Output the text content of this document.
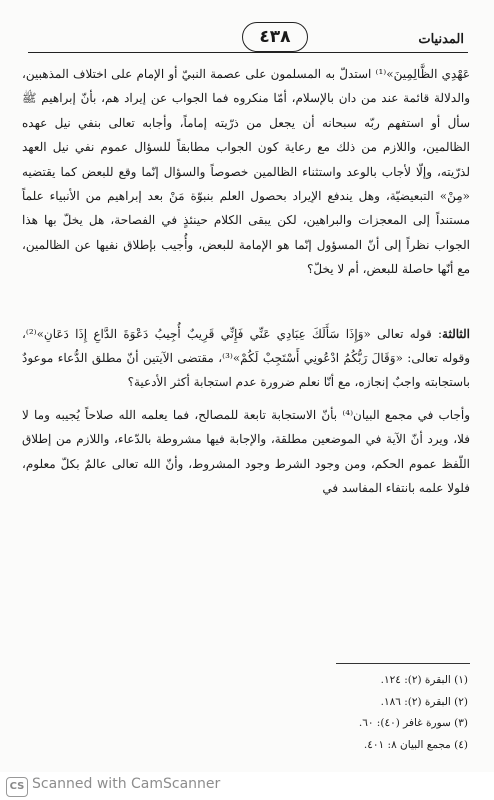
المدنيات
٤٣٨

عَهْدِي الظَّالِمِينَ»⁽¹⁾ استدلّ به المسلمون على عصمة النبيّ أو الإمام على اختلاف المذهبين، والدلالة قائمة عند من دان بالإسلام، أمّا منكروه فما الجواب عن إيراد هم، بأنّ إبراهيم ﷺ سأل أو استفهم ربّه سبحانه أن يجعل من ذرّيته إماماً، وأجابه تعالى بنفي نيل عهده الظالمين، واللازم من ذلك مع رعاية كون الجواب مطابقاً للسؤال عموم نفي نيل العهد لذرّيته، وإلّا لأجاب بالوعد واستثناء الظالمين خصوصاً والسؤال إنّما وقع للبعض كما يقتضيه «مِنْ» التبعيضيّة، وهل يندفع الإيراد بحصول العلم بنبوّة مَنْ بعد إبراهيم من الأنبياء علماً مستنداً إلى المعجزات والبراهين، لكن يبقى الكلام حينئذٍ في الفصاحة، هل يخلّ بها هذا الجواب نظراً إلى أنّ المسؤول إنّما هو الإمامة للبعض، وأُجيب بإطلاق نفيها عن الظالمين، مع أنّها حاصلة للبعض، أم لا يخلّ؟

الثالثة: قوله تعالى «وَإِذَا سَأَلَكَ عِبَادِي عَنِّي فَإِنِّي قَرِيبٌ أُجِيبُ دَعْوَةَ الدَّاعِ إِذَا دَعَانِ»⁽²⁾، وقوله تعالى: «وَقَالَ رَبُّكُمُ ادْعُونِي أَسْتَجِبْ لَكُمْ»⁽³⁾، مقتضى الآيتين أنّ مطلق الدُّعاء موعودٌ باستجابته واجبٌ إنجازه، مع أنّا نعلم ضرورة عدم استجابة أكثر الأدعية؟

وأجاب في مجمع البيان⁽⁴⁾ بأنّ الاستجابة تابعة للمصالح، فما يعلمه الله صلاحاً يُجيبه وما لا فلا، ويرد أنّ الآية في الموضعين مطلقة، والإجابة فيها مشروطة بالدّعاء، واللازم من إطلاق اللّفظ عموم الحكم، ومن وجود الشرط وجود المشروط، وأنّ الله تعالى عالمٌ بكلّ معلوم، فلولا علمه بانتفاء المفاسد في

(١) البقرة (٢): ١٢٤.
(٢) البقرة (٢): ١٨٦.
(٣) سورة غافر (٤٠): ٦٠.
(٤) مجمع البيان ٨: ٤٠١.
CS Scanned with CamScanner
